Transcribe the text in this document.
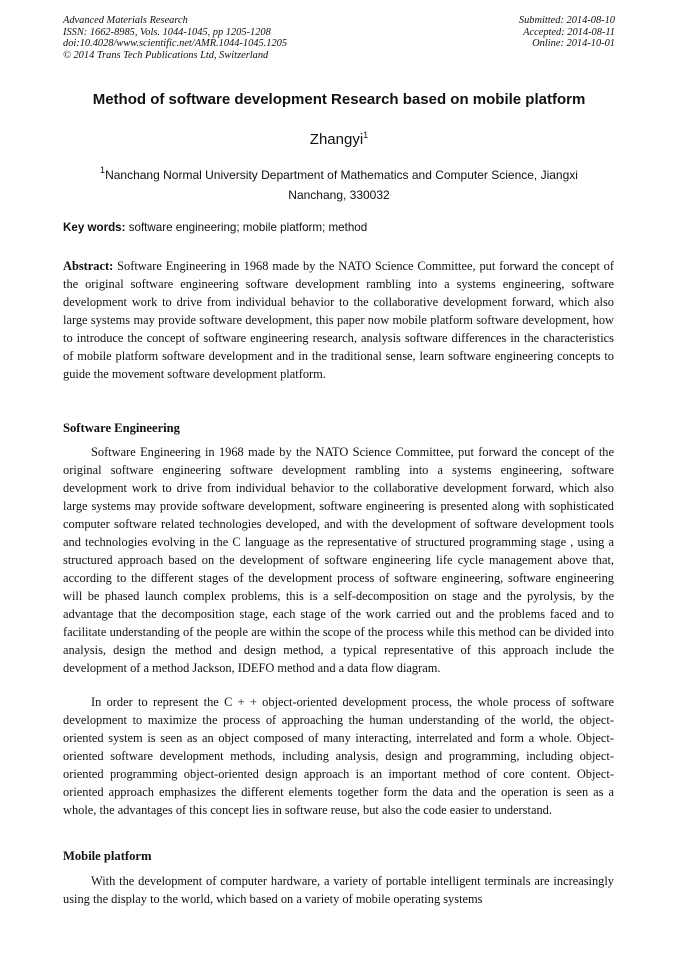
Advanced Materials Research
ISSN: 1662-8985, Vols. 1044-1045, pp 1205-1208
doi:10.4028/www.scientific.net/AMR.1044-1045.1205
© 2014 Trans Tech Publications Ltd, Switzerland
Submitted: 2014-08-10
Accepted: 2014-08-11
Online: 2014-10-01
Method of software development Research based on mobile platform
Zhangyi$^1$
$^1$Nanchang Normal University Department of Mathematics and Computer Science, Jiangxi
Nanchang, 330032
Key words: software engineering; mobile platform; method

Abstract: Software Engineering in 1968 made by the NATO Science Committee, put forward the concept of the original software engineering software development rambling into a systems engineering, software development work to drive from individual behavior to the collaborative development forward, which also large systems may provide software development, this paper now mobile platform software development, how to introduce the concept of software engineering research, analysis software differences in the characteristics of mobile platform software development and in the traditional sense, learn software engineering concepts to guide the movement software development platform.

Software Engineering

Software Engineering in 1968 made by the NATO Science Committee, put forward the concept of the original software engineering software development rambling into a systems engineering, software development work to drive from individual behavior to the collaborative development forward, which also large systems may provide software development, software engineering is presented along with sophisticated computer software related technologies developed, and with the development of software development tools and technologies evolving in the C language as the representative of structured programming stage , using a structured approach based on the development of software engineering life cycle management above that, according to the different stages of the development process of software engineering, software engineering will be phased launch complex problems, this is a self-decomposition on stage and the pyrolysis, by the advantage that the decomposition stage, each stage of the work carried out and the problems faced and to facilitate understanding of the people are within the scope of the process while this method can be divided into analysis, design the method and design method, a typical representative of this approach include the development of a method Jackson, IDEFO method and a data flow diagram.

In order to represent the C + + object-oriented development process, the whole process of software development to maximize the process of approaching the human understanding of the world, the object-oriented system is seen as an object composed of many interacting, interrelated and form a whole. Object-oriented software development methods, including analysis, design and programming, including object-oriented programming object-oriented design approach is an important method of core content. Object-oriented approach emphasizes the different elements together form the data and the operation is seen as a whole, the advantages of this concept lies in software reuse, but also the code easier to understand.

Mobile platform

With the development of computer hardware, a variety of portable intelligent terminals are increasingly using the display to the world, which based on a variety of mobile operating systems
